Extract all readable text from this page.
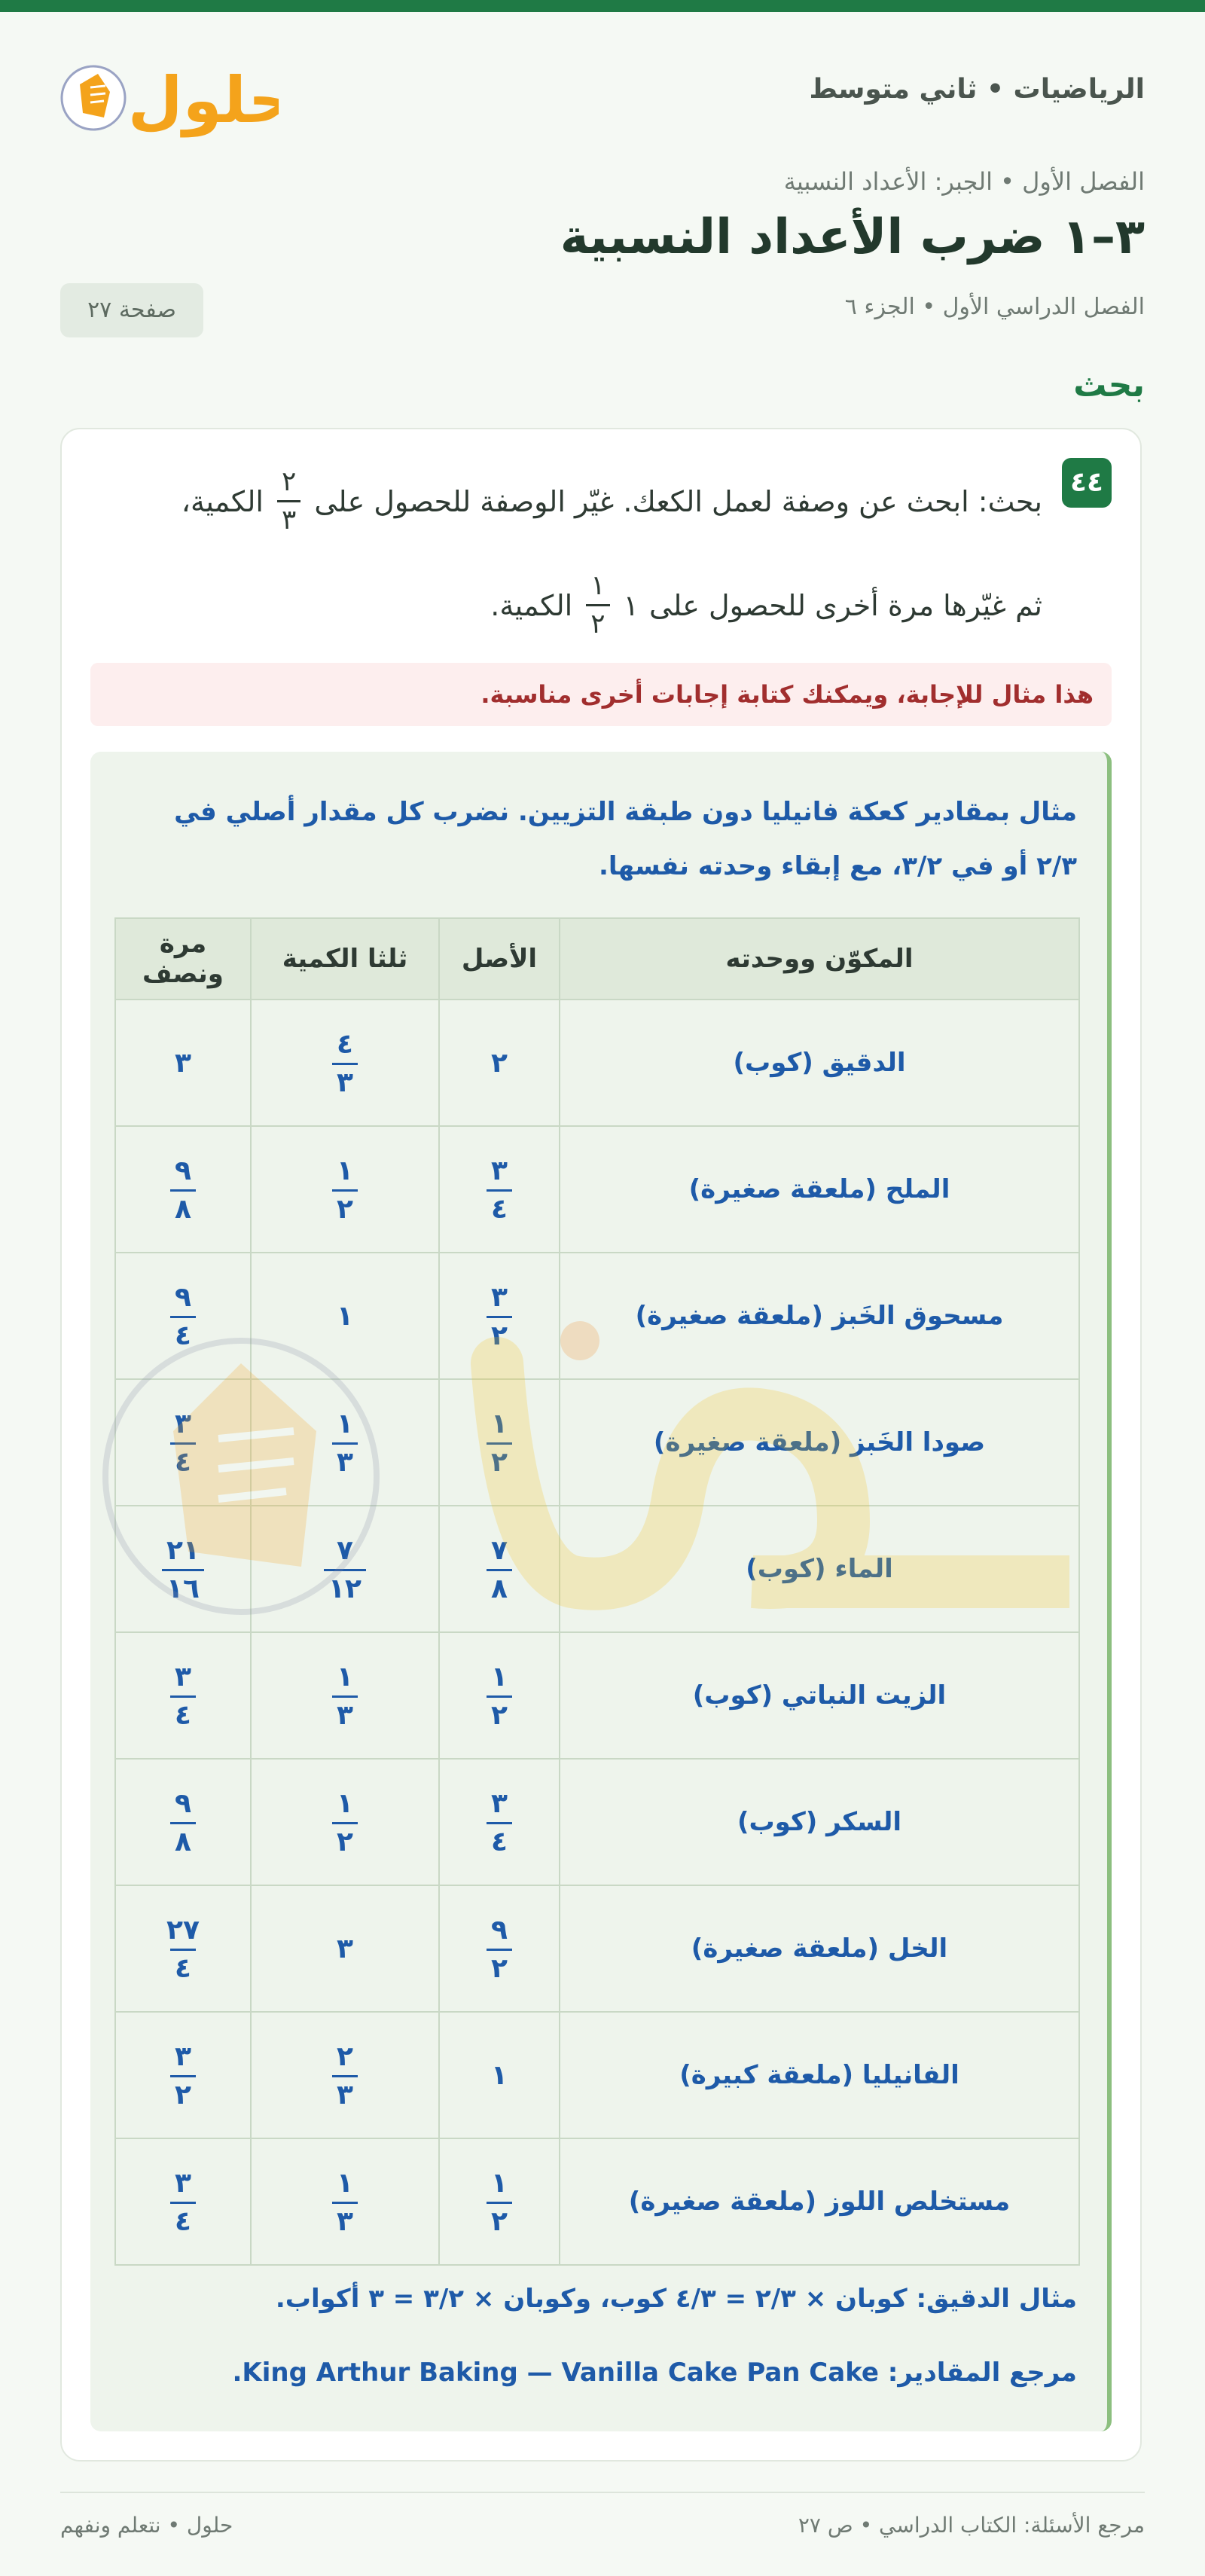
الرياضيات • ثاني متوسط
حلول
الفصل الأول • الجبر: الأعداد النسبية
٣–١ ضرب الأعداد النسبية
الفصل الدراسي الأول • الجزء ٦
صفحة ٢٧
بحث
٤٤
بحث: ابحث عن وصفة لعمل الكعك. غيّر الوصفة للحصول على
$\frac{٢}{٣}$
الكمية،
ثم غيّرها مرة أخرى للحصول على
١
$\frac{١}{٢}$
الكمية.
هذا مثال للإجابة، ويمكنك كتابة إجابات أخرى مناسبة.
مثال بمقادير كعكة فانيليا دون طبقة التزيين. نضرب كل مقدار أصلي في ٢/٣ أو في ٣/٢، مع إبقاء وحدته نفسها.
المكوّن ووحدته	الأصل	ثلثا الكمية	مرة ونصف
الدقيق (كوب)	٢	$\frac{٤}{٣}$	٣
الملح (ملعقة صغيرة)	$\frac{٣}{٤}$	$\frac{١}{٢}$	$\frac{٩}{٨}$

مسحوق الخَبز (ملعقة صغيرة)	$\frac{٣}{٢}$	١	$\frac{٩}{٤}$

صودا الخَبز (ملعقة صغيرة)	$\frac{١}{٢}$	$\frac{١}{٣}$	$\frac{٣}{٤}$

الماء (كوب)	$\frac{٧}{٨}$	$\frac{٧}{١٢}$	$\frac{٢١}{١٦}$

الزيت النباتي (كوب)	$\frac{١}{٢}$	$\frac{١}{٣}$	$\frac{٣}{٤}$

السكر (كوب)	$\frac{٣}{٤}$	$\frac{١}{٢}$	$\frac{٩}{٨}$

الخل (ملعقة صغيرة)	$\frac{٩}{٢}$	٣	$\frac{٢٧}{٤}$

الفانيليا (ملعقة كبيرة)	١	$\frac{٢}{٣}$	$\frac{٣}{٢}$

مستخلص اللوز (ملعقة صغيرة)	$\frac{١}{٢}$	$\frac{١}{٣}$	$\frac{٣}{٤}$
مثال الدقيق: كوبان × ٢/٣ = ٤/٣ كوب، وكوبان × ٣/٢ = ٣ أكواب.
مرجع المقادير: King Arthur Baking — Vanilla Cake Pan Cake.
مرجع الأسئلة: الكتاب الدراسي • ص ٢٧
حلول • نتعلم ونفهم
